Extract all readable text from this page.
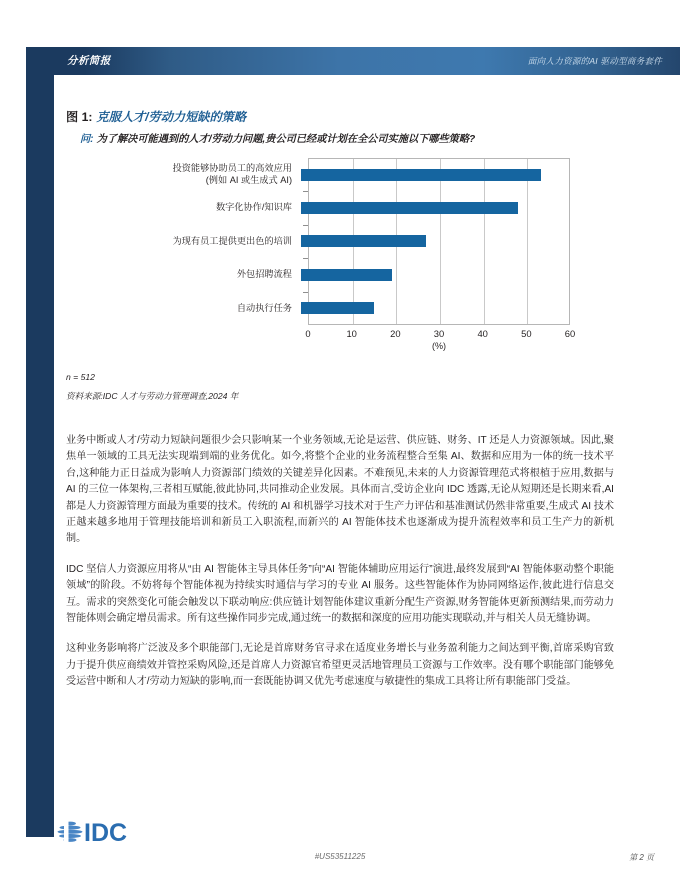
分析简报	面向人力资源的AI 驱动型商务套件
图 1: 克服人才/劳动力短缺的策略
问: 为了解决可能遇到的人才/劳动力问题,贵公司已经或计划在全公司实施以下哪些策略?
投资能够协助员工的高效应用
(例如 AI 或生成式 AI)
数字化协作/知识库
为现有员工提供更出色的培训
外包招聘流程
自动执行任务
0	10	20	30	40	50	60
(%)
n = 512
资料来源:IDC 人才与劳动力管理调查,2024 年

业务中断或人才/劳动力短缺问题很少会只影响某一个业务领域,无论是运营、供应链、财务、IT 还是人力资源领域。因此,聚焦单一领域的工具无法实现端到端的业务优化。如今,将整个企业的业务流程整合至集 AI、数据和应用为一体的统一技术平台,这种能力正日益成为影响人力资源部门绩效的关键差异化因素。不难预见,未来的人力资源管理范式将根植于应用,数据与 AI 的三位一体架构,三者相互赋能,彼此协同,共同推动企业发展。具体而言,受访企业向 IDC 透露,无论从短期还是长期来看,AI 都是人力资源管理方面最为重要的技术。传统的 AI 和机器学习技术对于生产力评估和基准测试仍然非常重要,生成式 AI 技术正越来越多地用于管理技能培训和新员工入职流程,而新兴的 AI 智能体技术也逐渐成为提升流程效率和员工生产力的新机制。

IDC 坚信人力资源应用将从“由 AI 智能体主导具体任务”向“AI 智能体辅助应用运行”演进,最终发展到“AI 智能体驱动整个职能领域”的阶段。不妨将每个智能体视为持续实时通信与学习的专业 AI 服务。这些智能体作为协同网络运作,彼此进行信息交互。需求的突然变化可能会触发以下联动响应:供应链计划智能体建议重新分配生产资源,财务智能体更新预测结果,而劳动力智能体则会确定增员需求。所有这些操作同步完成,通过统一的数据和深度的应用功能实现联动,并与相关人员无缝协调。

这种业务影响将广泛波及多个职能部门,无论是首席财务官寻求在适度业务增长与业务盈利能力之间达到平衡,首席采购官致力于提升供应商绩效并管控采购风险,还是首席人力资源官希望更灵活地管理员工资源与工作效率。没有哪个职能部门能够免受运营中断和人才/劳动力短缺的影响,而一套既能协调又优先考虑速度与敏捷性的集成工具将让所有职能部门受益。

IDC
#US53511225	第 2 页
